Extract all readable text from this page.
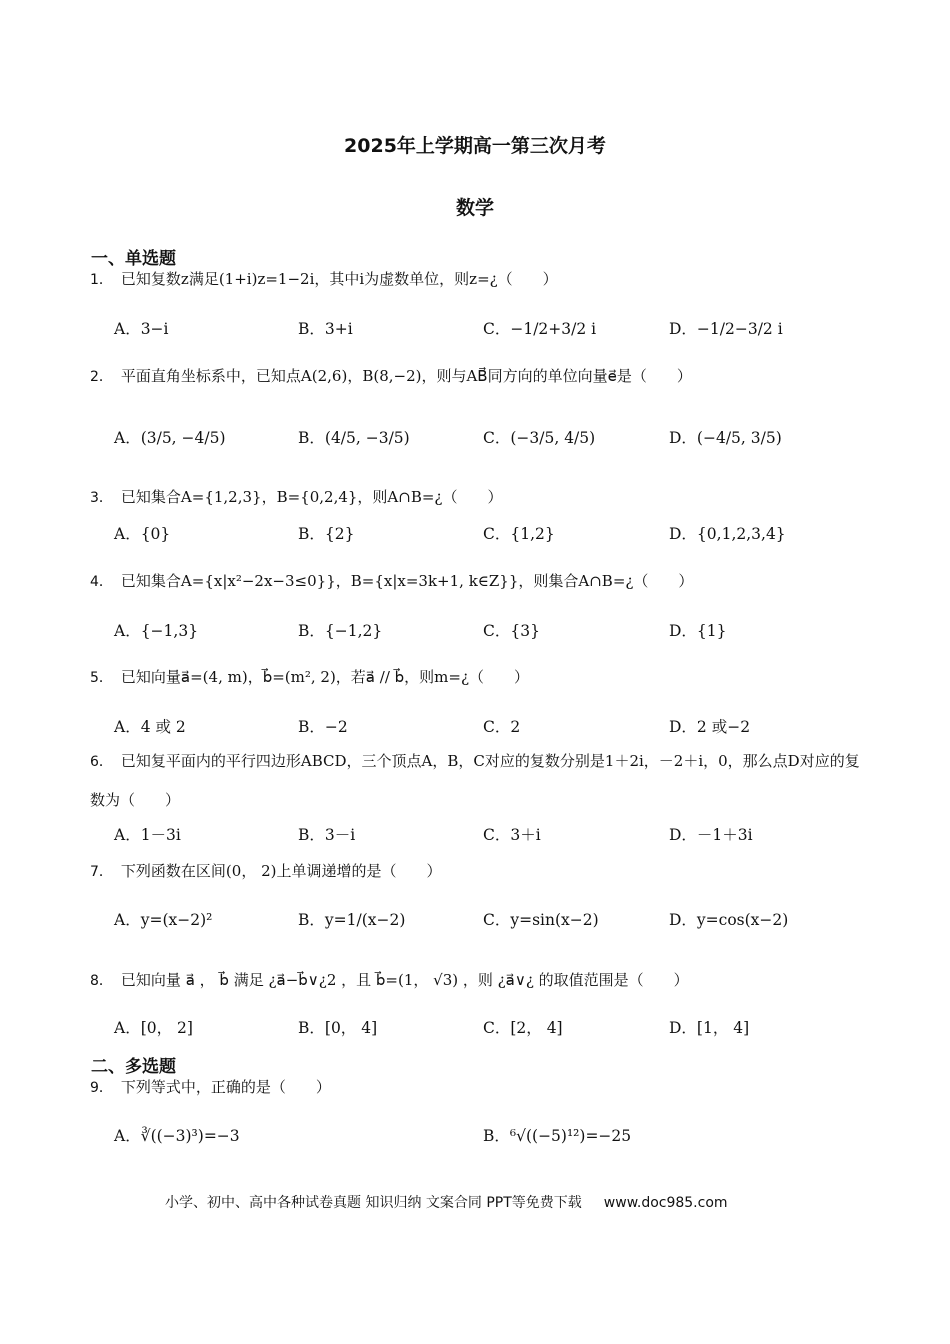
2025年上学期高一第三次月考
数学
一、单选题
1． 已知复数z满足(1+i)z=1−2i，其中i为虚数单位，则z=¿（　　）
A．3−i	B．3+i	C．−1/2+3/2 i	D．−1/2−3/2 i
2． 平面直角坐标系中，已知点A(2,6)，B(8,−2)，则与AB⃗同方向的单位向量e⃗是（　　）
A．(3/5, −4/5)	B．(4/5, −3/5)	C．(−3/5, 4/5)	D．(−4/5, 3/5)
3． 已知集合A={1,2,3}，B={0,2,4}，则A∩B=¿（　　）
A．{0}	B．{2}	C．{1,2}	D．{0,1,2,3,4}
4． 已知集合A={x|x²−2x−3≤0}}，B={x|x=3k+1, k∈Z}}，则集合A∩B=¿（　　）
A．{−1,3}	B．{−1,2}	C．{3}	D．{1}
5． 已知向量a⃗=(4, m)，b⃗=(m², 2)，若a⃗ // b⃗，则m=¿（　　）
A．4 或 2	B．−2	C．2	D．2 或−2
6． 已知复平面内的平行四边形ABCD，三个顶点A，B，C对应的复数分别是1＋2i，－2＋i，0，那么点D对应的复数为（　　）
A．1－3i	B．3－i	C．3＋i	D．－1＋3i
7． 下列函数在区间(0， 2)上单调递增的是（　　）
A．y=(x−2)²	B．y=1/(x−2)	C．y=sin(x−2)	D．y=cos(x−2)
8． 已知向量 a⃗ ， b⃗ 满足 ¿a⃗−b⃗∨¿2 ，且 b⃗=(1， √3) ，则 ¿a⃗∨¿ 的取值范围是（　　）
A．[0， 2]	B．[0， 4]	C．[2， 4]	D．[1， 4]
二、多选题
9． 下列等式中，正确的是（　　）
A．∛((−3)³)=−3	B．⁶√((−5)¹²)=−25
小学、初中、高中各种试卷真题 知识归纳 文案合同 PPT等免费下载 www.doc985.com
